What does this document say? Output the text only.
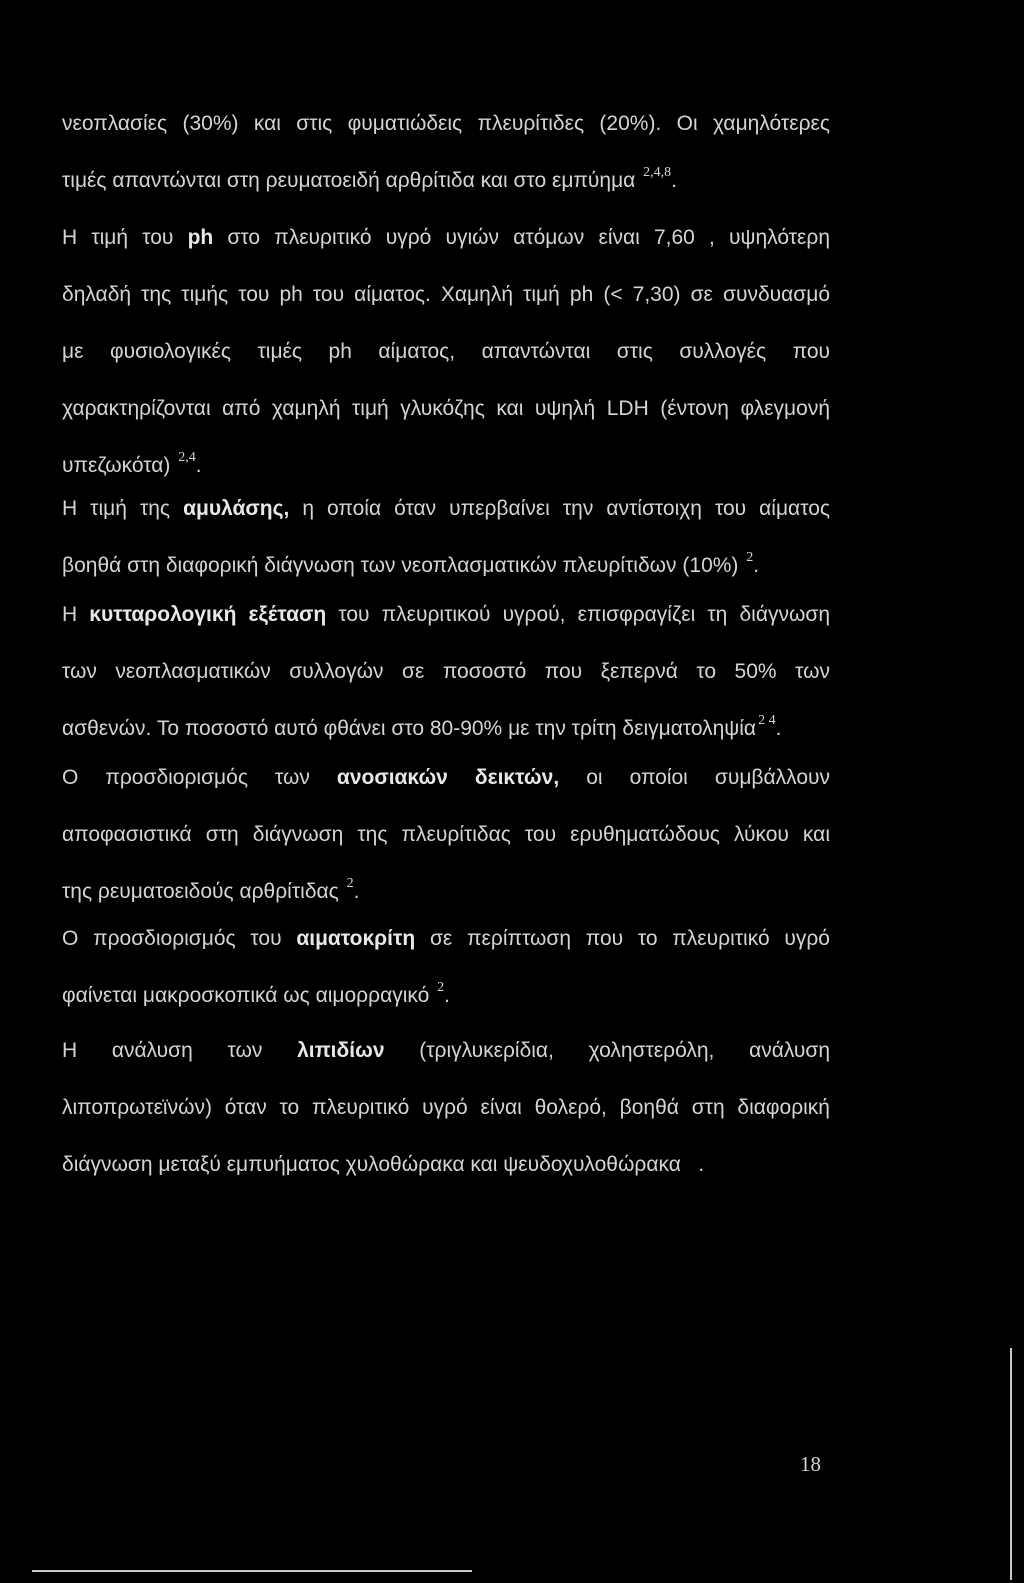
νεοπλασίες (30%) και στις φυματιώδεις πλευρίτιδες (20%). Οι χαμηλότερες
τιμές απαντώνται στη ρευματοειδή αρθρίτιδα και στο εμπύημα $^{2,4,8}$.

Η τιμή του ph στο πλευριτικό υγρό υγιών ατόμων είναι 7,60 , υψηλότερη
δηλαδή της τιμής του ph του αίματος. Χαμηλή τιμή ph (< 7,30) σε συνδυασμό
με φυσιολογικές τιμές ph αίματος, απαντώνται στις συλλογές που
χαρακτηρίζονται από χαμηλή τιμή γλυκόζης και υψηλή LDH (έντονη φλεγμονή
υπεζωκότα) $^{2,4}$.

Η τιμή της αμυλάσης, η οποία όταν υπερβαίνει την αντίστοιχη του αίματος
βοηθά στη διαφορική διάγνωση των νεοπλασματικών πλευρίτιδων (10%) $^2$.

Η κυτταρολογική εξέταση του πλευριτικού υγρού, επισφραγίζει τη διάγνωση
των νεοπλασματικών συλλογών σε ποσοστό που ξεπερνά το 50% των
ασθενών. Το ποσοστό αυτό φθάνει στο 80-90% με την τρίτη δειγματοληψία $^{2 4}$.

Ο προσδιορισμός των ανοσιακών δεικτών, οι οποίοι συμβάλλουν
αποφασιστικά στη διάγνωση της πλευρίτιδας του ερυθηματώδους λύκου και
της ρευματοειδούς αρθρίτιδας $^2$.

Ο προσδιορισμός του αιματοκρίτη σε περίπτωση που το πλευριτικό υγρό
φαίνεται μακροσκοπικά ως αιμορραγικό $^2$.

Η ανάλυση των λιπιδίων (τριγλυκερίδια, χοληστερόλη, ανάλυση
λιποπρωτεϊνών) όταν το πλευριτικό υγρό είναι θολερό, βοηθά στη διαφορική
διάγνωση μεταξύ εμπυήματος χυλοθώρακα και ψευδοχυλοθώρακα .

18
